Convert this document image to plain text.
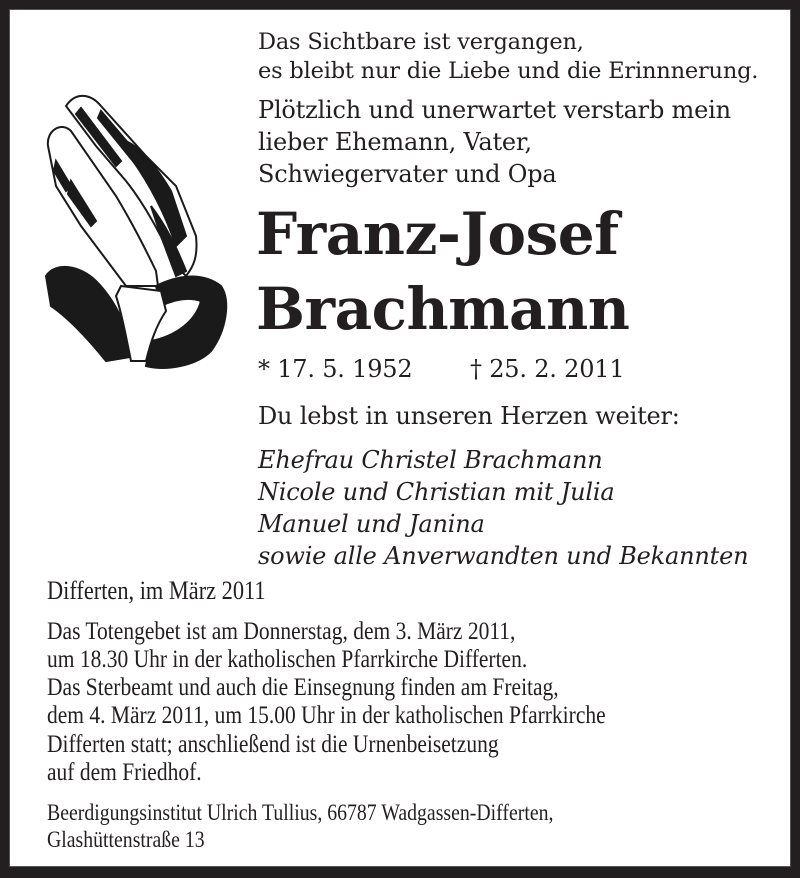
Das Sichtbare ist vergangen,
es bleibt nur die Liebe und die Erinnnerung.
Plötzlich und unerwartet verstarb mein
lieber Ehemann, Vater,
Schwiegervater und Opa
Franz-Josef
Brachmann
* 17. 5. 1952 † 25. 2. 2011
Du lebst in unseren Herzen weiter:
Ehefrau Christel Brachmann
Nicole und Christian mit Julia
Manuel und Janina
sowie alle Anverwandten und Bekannten
Differten, im März 2011
Das Totengebet ist am Donnerstag, dem 3. März 2011,
um 18.30 Uhr in der katholischen Pfarrkirche Differten.
Das Sterbeamt und auch die Einsegnung finden am Freitag,
dem 4. März 2011, um 15.00 Uhr in der katholischen Pfarrkirche
Differten statt; anschließend ist die Urnenbeisetzung
auf dem Friedhof.
Beerdigungsinstitut Ulrich Tullius, 66787 Wadgassen-Differten,
Glashüttenstraße 13
